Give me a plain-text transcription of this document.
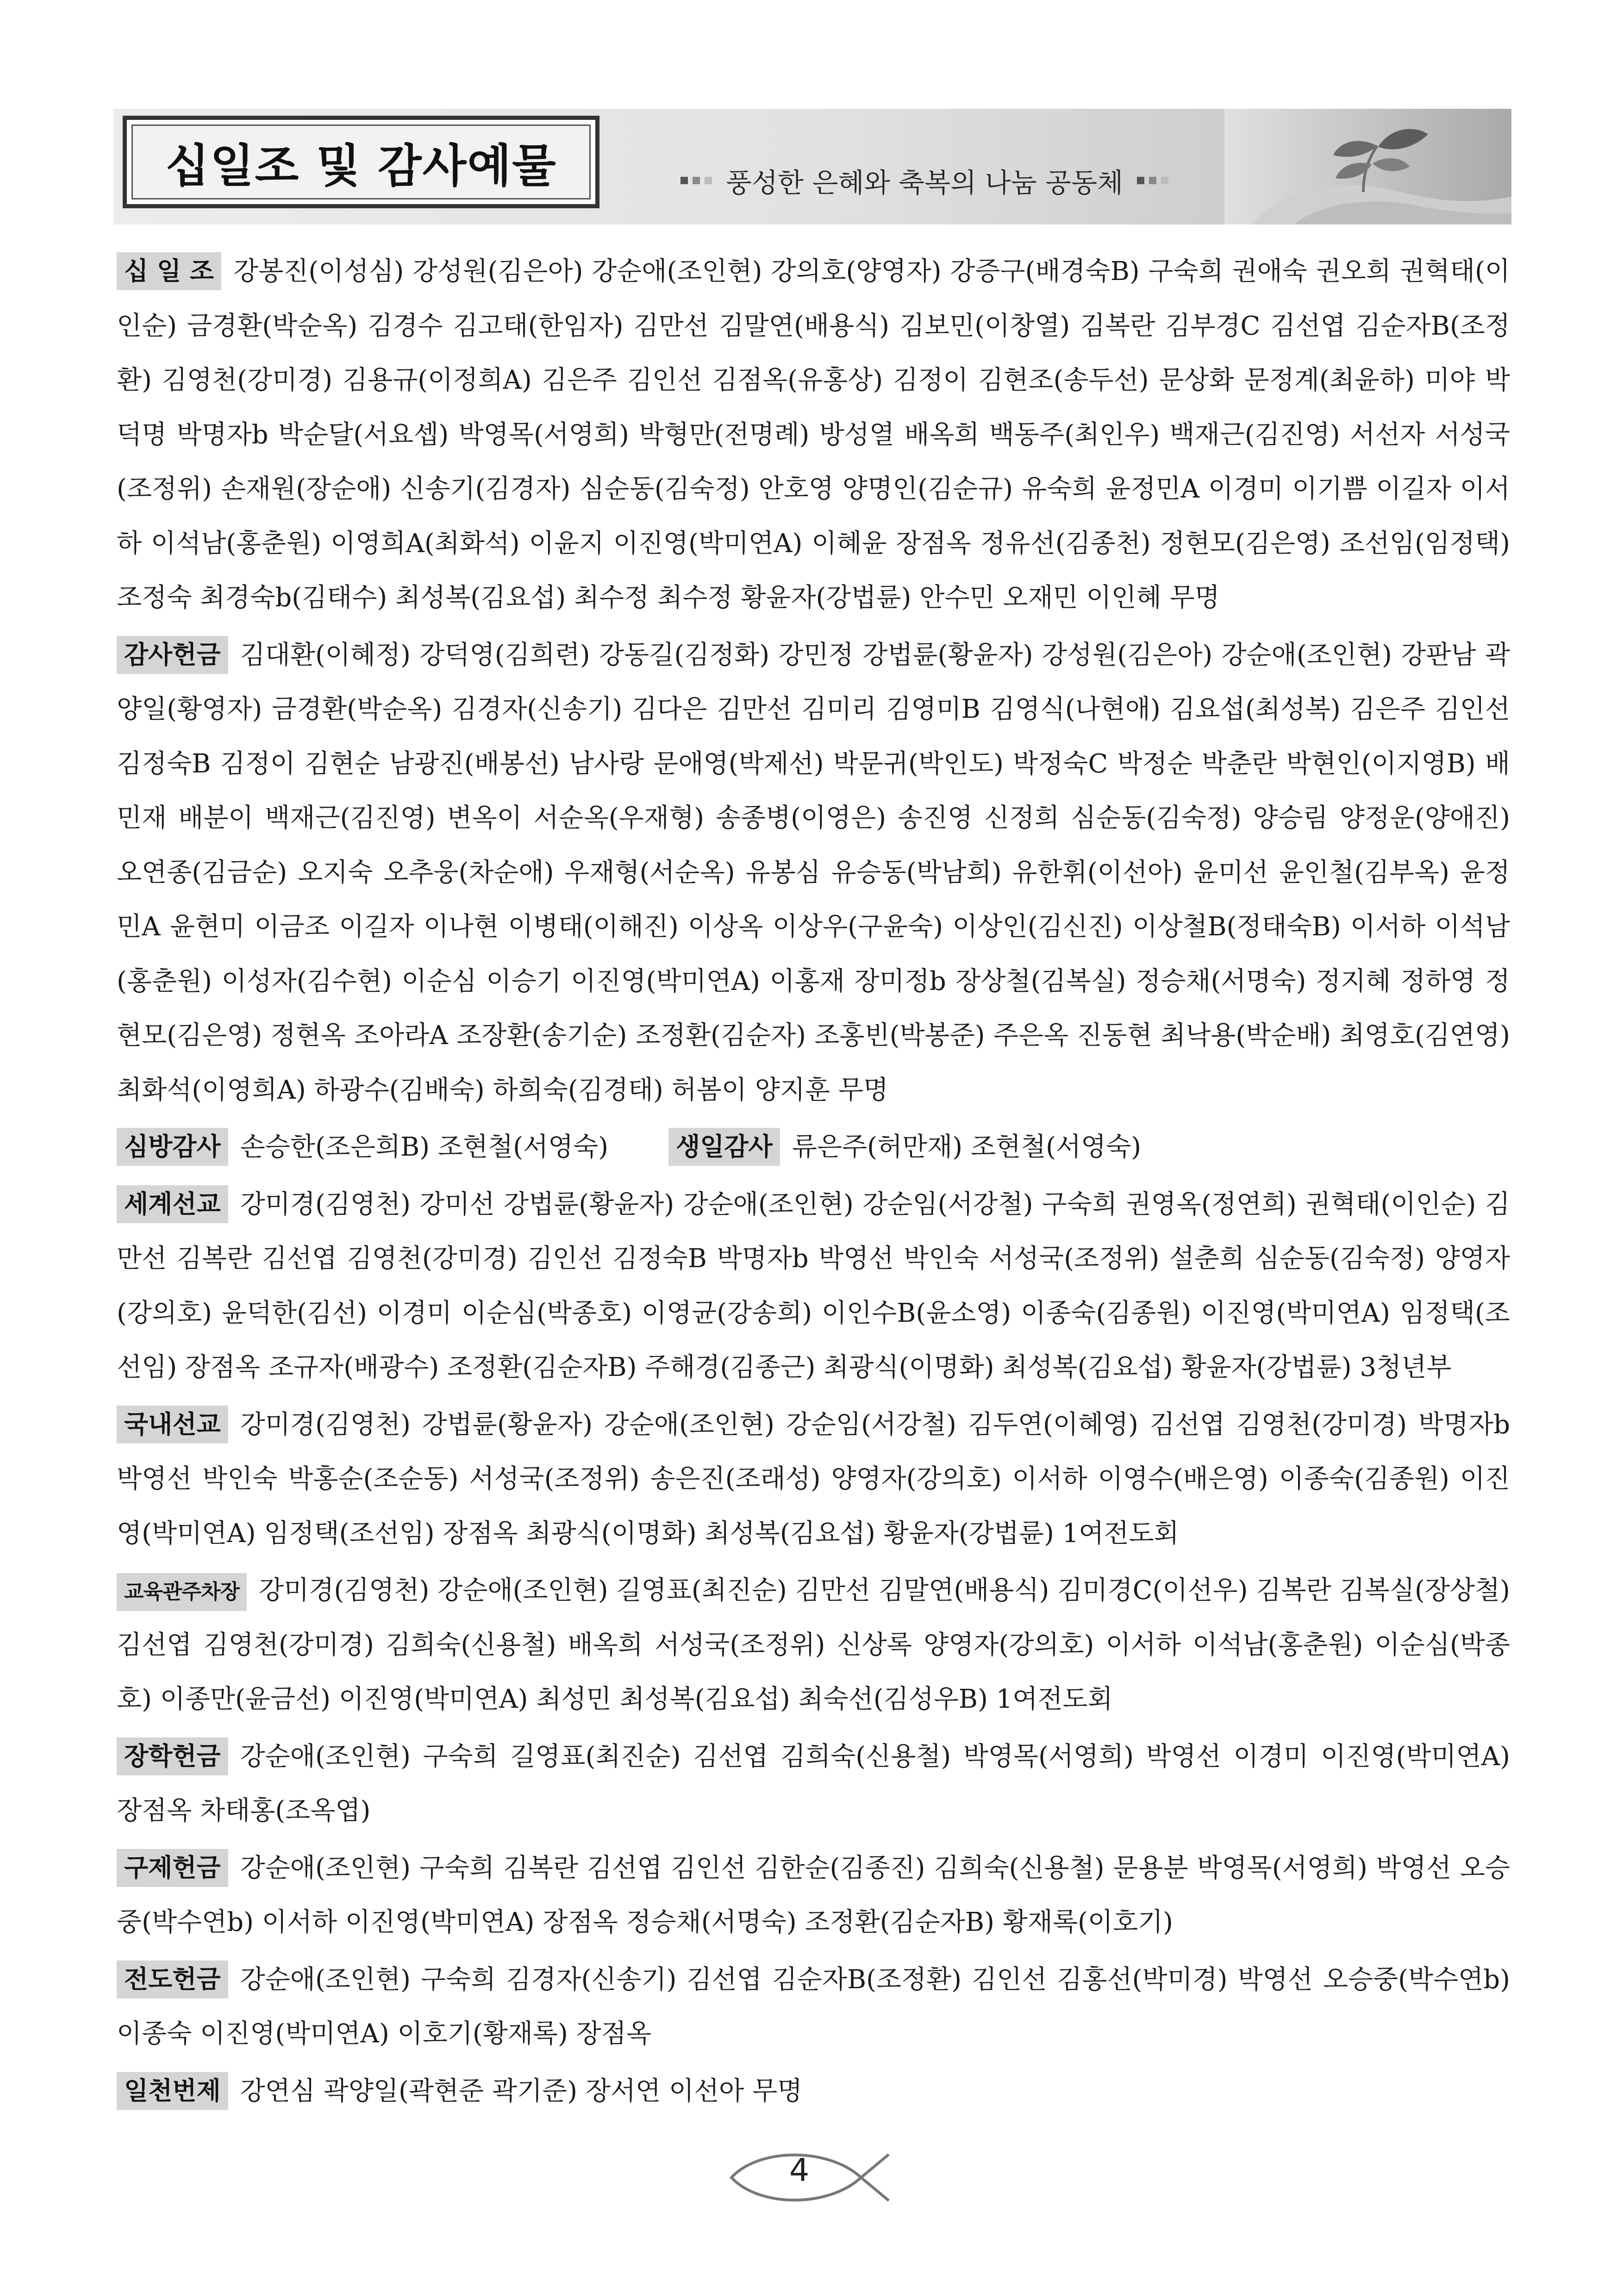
십일조 및 감사예물	풍성한 은혜와 축복의 나눔 공동체
십 일 조 강봉진(이성심) 강성원(김은아) 강순애(조인현) 강의호(양영자) 강증구(배경숙B) 구숙희 권애숙 권오희 권혁태(이인순) 금경환(박순옥) 김경수 김고태(한임자) 김만선 김말연(배용식) 김보민(이창열) 김복란 김부경C 김선엽 김순자B(조정환) 김영천(강미경) 김용규(이정희A) 김은주 김인선 김점옥(유홍상) 김정이 김현조(송두선) 문상화 문정계(최윤하) 미야 박덕명 박명자b 박순달(서요셉) 박영목(서영희) 박형만(전명례) 방성열 배옥희 백동주(최인우) 백재근(김진영) 서선자 서성국(조정위) 손재원(장순애) 신송기(김경자) 심순동(김숙정) 안호영 양명인(김순규) 유숙희 윤정민A 이경미 이기쁨 이길자 이서하 이석남(홍춘원) 이영희A(최화석) 이윤지 이진영(박미연A) 이혜윤 장점옥 정유선(김종천) 정현모(김은영) 조선임(임정택) 조정숙 최경숙b(김태수) 최성복(김요섭) 최수정 최수정 황윤자(강법륜) 안수민 오재민 이인혜 무명
감사헌금 김대환(이혜정) 강덕영(김희련) 강동길(김정화) 강민정 강법륜(황윤자) 강성원(김은아) 강순애(조인현) 강판남 곽양일(황영자) 금경환(박순옥) 김경자(신송기) 김다은 김만선 김미리 김영미B 김영식(나현애) 김요섭(최성복) 김은주 김인선 김정숙B 김정이 김현순 남광진(배봉선) 남사랑 문애영(박제선) 박문귀(박인도) 박정숙C 박정순 박춘란 박현인(이지영B) 배민재 배분이 백재근(김진영) 변옥이 서순옥(우재형) 송종병(이영은) 송진영 신정희 심순동(김숙정) 양승림 양정운(양애진) 오연종(김금순) 오지숙 오추웅(차순애) 우재형(서순옥) 유봉심 유승동(박남희) 유한휘(이선아) 윤미선 윤인철(김부옥) 윤정민A 윤현미 이금조 이길자 이나현 이병태(이해진) 이상옥 이상우(구윤숙) 이상인(김신진) 이상철B(정태숙B) 이서하 이석남(홍춘원) 이성자(김수현) 이순심 이승기 이진영(박미연A) 이홍재 장미정b 장상철(김복실) 정승채(서명숙) 정지혜 정하영 정현모(김은영) 정현옥 조아라A 조장환(송기순) 조정환(김순자) 조홍빈(박봉준) 주은옥 진동현 최낙용(박순배) 최영호(김연영) 최화석(이영희A) 하광수(김배숙) 하희숙(김경태) 허봄이 양지훈 무명
심방감사 손승한(조은희B) 조현철(서영숙)	생일감사 류은주(허만재) 조현철(서영숙)
세계선교 강미경(김영천) 강미선 강법륜(황윤자) 강순애(조인현) 강순임(서강철) 구숙희 권영옥(정연희) 권혁태(이인순) 김만선 김복란 김선엽 김영천(강미경) 김인선 김정숙B 박명자b 박영선 박인숙 서성국(조정위) 설춘희 심순동(김숙정) 양영자(강의호) 윤덕한(김선) 이경미 이순심(박종호) 이영균(강송희) 이인수B(윤소영) 이종숙(김종원) 이진영(박미연A) 임정택(조선임) 장점옥 조규자(배광수) 조정환(김순자B) 주해경(김종근) 최광식(이명화) 최성복(김요섭) 황윤자(강법륜) 3청년부
국내선교 강미경(김영천) 강법륜(황윤자) 강순애(조인현) 강순임(서강철) 김두연(이혜영) 김선엽 김영천(강미경) 박명자b 박영선 박인숙 박홍순(조순동) 서성국(조정위) 송은진(조래성) 양영자(강의호) 이서하 이영수(배은영) 이종숙(김종원) 이진영(박미연A) 임정택(조선임) 장점옥 최광식(이명화) 최성복(김요섭) 황윤자(강법륜) 1여전도회
교육관주차장 강미경(김영천) 강순애(조인현) 길영표(최진순) 김만선 김말연(배용식) 김미경C(이선우) 김복란 김복실(장상철) 김선엽 김영천(강미경) 김희숙(신용철) 배옥희 서성국(조정위) 신상록 양영자(강의호) 이서하 이석남(홍춘원) 이순심(박종호) 이종만(윤금선) 이진영(박미연A) 최성민 최성복(김요섭) 최숙선(김성우B) 1여전도회
장학헌금 강순애(조인현) 구숙희 길영표(최진순) 김선엽 김희숙(신용철) 박영목(서영희) 박영선 이경미 이진영(박미연A) 장점옥 차태홍(조옥엽)
구제헌금 강순애(조인현) 구숙희 김복란 김선엽 김인선 김한순(김종진) 김희숙(신용철) 문용분 박영목(서영희) 박영선 오승중(박수연b) 이서하 이진영(박미연A) 장점옥 정승채(서명숙) 조정환(김순자B) 황재록(이호기)
전도헌금 강순애(조인현) 구숙희 김경자(신송기) 김선엽 김순자B(조정환) 김인선 김홍선(박미경) 박영선 오승중(박수연b) 이종숙 이진영(박미연A) 이호기(황재록) 장점옥
일천번제 강연심 곽양일(곽현준 곽기준) 장서연 이선아 무명
4
